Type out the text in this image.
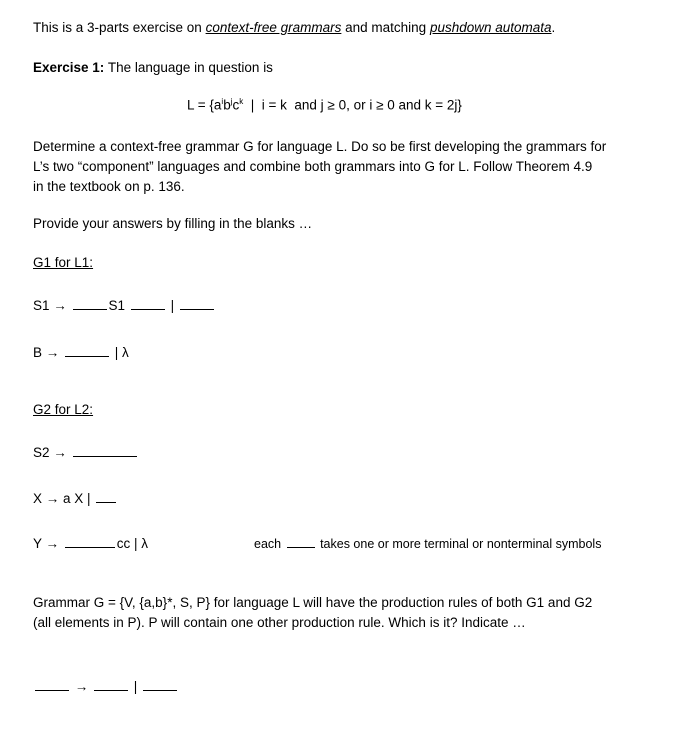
This is a 3-parts exercise on context-free grammars and matching pushdown automata.
Exercise 1: The language in question is
$L = \{a^ib^jc^k$  |  i = k  and j ≥ 0, or i ≥ 0 and k = 2j}
Determine a context-free grammar G for language L. Do so be first developing the grammars for
L’s two “component” languages and combine both grammars into G for L. Follow Theorem 4.9
in the textbook on p. 136.
Provide your answers by filling in the blanks …
G1 for L1:
S1 →	S1	|
B →	| λ
G2 for L2:
S2 →
X → a X |
Y →	cc | λ	each	takes one or more terminal or nonterminal symbols
Grammar G = {V, {a,b}*, S, P} for language L will have the production rules of both G1 and G2
(all elements in P). P will contain one other production rule. Which is it? Indicate …
→	|
